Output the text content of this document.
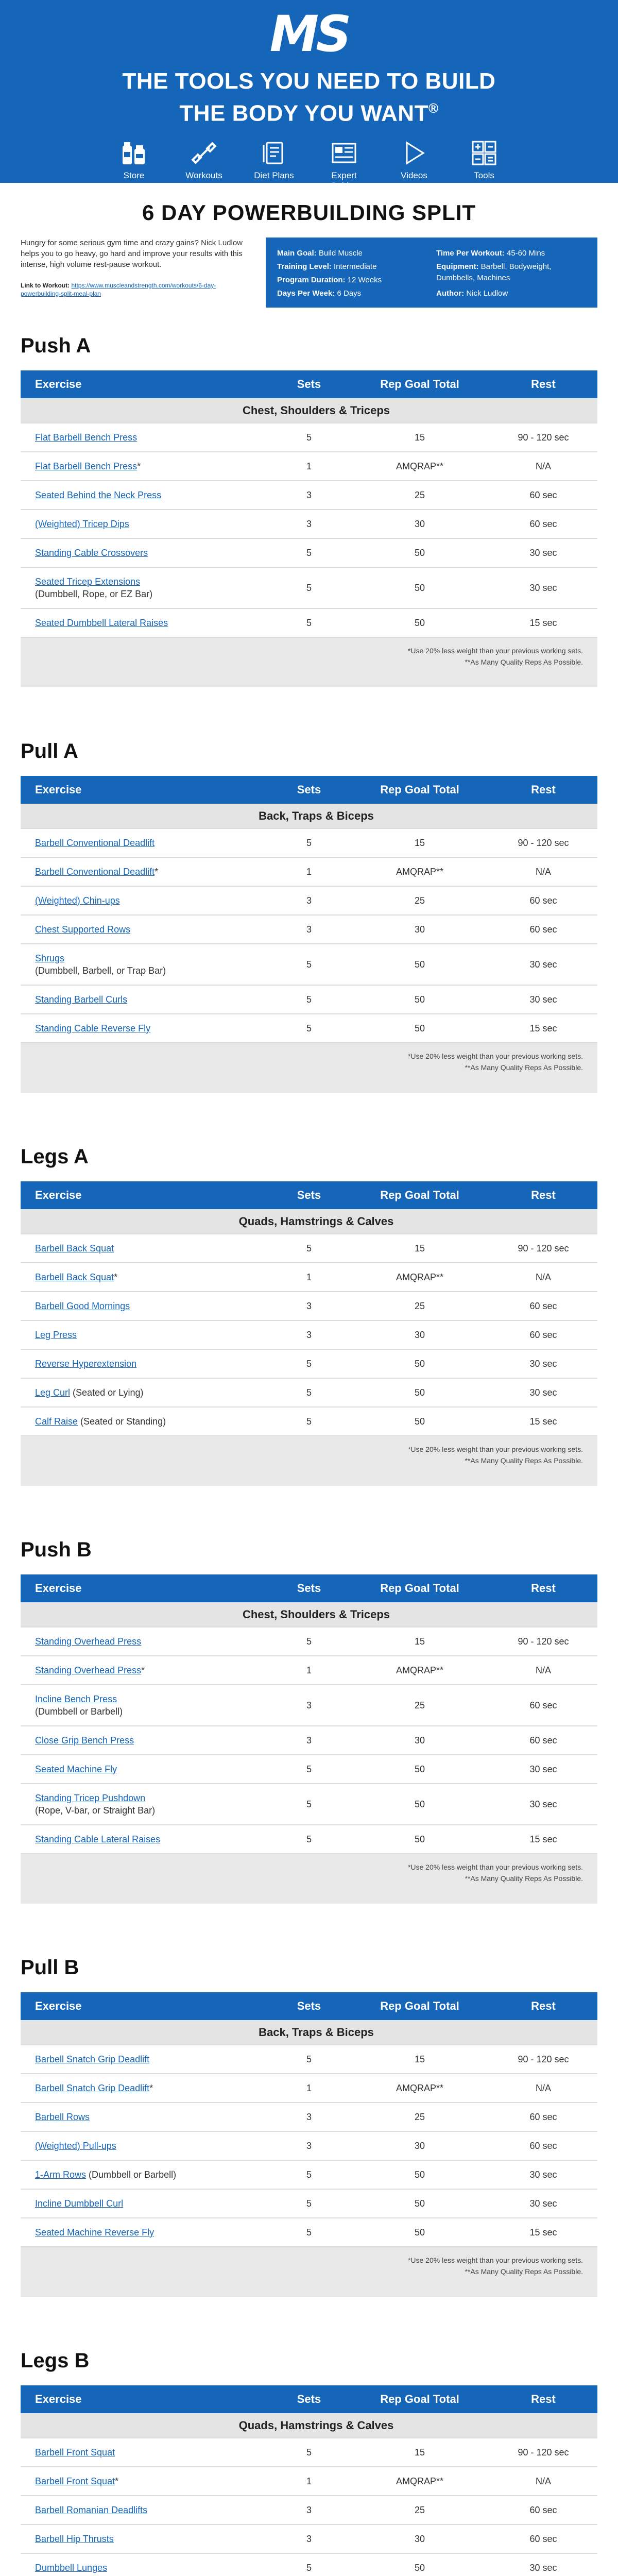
MS
THE TOOLS YOU NEED TO BUILD
THE BODY YOU WANT®
Store	Workouts	Diet Plans	Expert Guides
Videos	Tools
6 DAY POWERBUILDING SPLIT
Hungry for some serious gym time and crazy gains? Nick Ludlow helps you to go heavy, go hard and improve your results with this intense, high volume rest-pause workout.
Link to Workout: https://www.muscleandstrength.com/workouts/6-day-powerbuilding-split-meal-plan
Main Goal: Build Muscle	Time Per Workout: 45-60 Mins
Training Level: Intermediate	Equipment: Barbell, Bodyweight, Dumbbells, Machines
Program Duration: 12 Weeks
Days Per Week: 6 Days	Author: Nick Ludlow
Push A
Exercise	Sets	Rep Goal Total	Rest
Chest, Shoulders & Triceps			
Flat Barbell Bench Press	5	15	90 - 120 sec
Flat Barbell Bench Press*	1	AMQRAP**	N/A
Seated Behind the Neck Press	3	25	60 sec
(Weighted) Tricep Dips	3	30	60 sec
Standing Cable Crossovers	5	50	30 sec
Seated Tricep Extensions
(Dumbbell, Rope, or EZ Bar)	5	50	30 sec
Seated Dumbbell Lateral Raises	5	50	15 sec
*Use 20% less weight than your previous working sets.
**As Many Quality Reps As Possible.
Pull A
Exercise	Sets	Rep Goal Total	Rest
Back, Traps & Biceps			
Barbell Conventional Deadlift	5	15	90 - 120 sec
Barbell Conventional Deadlift*	1	AMQRAP**	N/A
(Weighted) Chin-ups	3	25	60 sec
Chest Supported Rows	3	30	60 sec
Shrugs
(Dumbbell, Barbell, or Trap Bar)	5	50	30 sec
Standing Barbell Curls	5	50	30 sec
Standing Cable Reverse Fly	5	50	15 sec
*Use 20% less weight than your previous working sets.
**As Many Quality Reps As Possible.
Legs A
Exercise	Sets	Rep Goal Total	Rest
Quads, Hamstrings & Calves			
Barbell Back Squat	5	15	90 - 120 sec
Barbell Back Squat*	1	AMQRAP**	N/A
Barbell Good Mornings	3	25	60 sec
Leg Press	3	30	60 sec
Reverse Hyperextension	5	50	30 sec
Leg Curl (Seated or Lying)	5	50	30 sec
Calf Raise (Seated or Standing)	5	50	15 sec
*Use 20% less weight than your previous working sets.
**As Many Quality Reps As Possible.
Push B
Exercise	Sets	Rep Goal Total	Rest
Chest, Shoulders & Triceps			
Standing Overhead Press	5	15	90 - 120 sec
Standing Overhead Press*	1	AMQRAP**	N/A
Incline Bench Press
(Dumbbell or Barbell)	3	25	60 sec
Close Grip Bench Press	3	30	60 sec
Seated Machine Fly	5	50	30 sec
Standing Tricep Pushdown
(Rope, V-bar, or Straight Bar)	5	50	30 sec
Standing Cable Lateral Raises	5	50	15 sec
*Use 20% less weight than your previous working sets.
**As Many Quality Reps As Possible.
Pull B
Exercise	Sets	Rep Goal Total	Rest
Back, Traps & Biceps			
Barbell Snatch Grip Deadlift	5	15	90 - 120 sec
Barbell Snatch Grip Deadlift*	1	AMQRAP**	N/A
Barbell Rows	3	25	60 sec
(Weighted) Pull-ups	3	30	60 sec
1-Arm Rows (Dumbbell or Barbell)	5	50	30 sec
Incline Dumbbell Curl	5	50	30 sec
Seated Machine Reverse Fly	5	50	15 sec
*Use 20% less weight than your previous working sets.
**As Many Quality Reps As Possible.
Legs B
Exercise	Sets	Rep Goal Total	Rest
Quads, Hamstrings & Calves			
Barbell Front Squat	5	15	90 - 120 sec
Barbell Front Squat*	1	AMQRAP**	N/A
Barbell Romanian Deadlifts	3	25	60 sec
Barbell Hip Thrusts	3	30	60 sec
Dumbbell Lunges	5	50	30 sec
